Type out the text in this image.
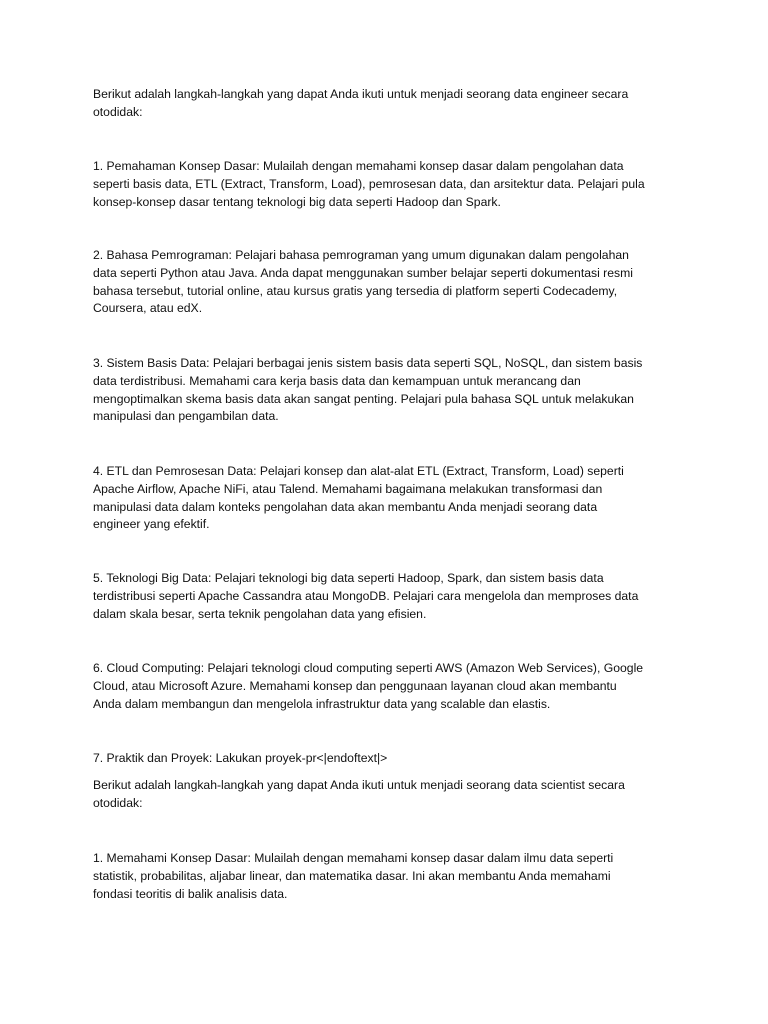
Berikut adalah langkah-langkah yang dapat Anda ikuti untuk menjadi seorang data engineer secara
otodidak:

1. Pemahaman Konsep Dasar: Mulailah dengan memahami konsep dasar dalam pengolahan data
seperti basis data, ETL (Extract, Transform, Load), pemrosesan data, dan arsitektur data. Pelajari pula
konsep-konsep dasar tentang teknologi big data seperti Hadoop dan Spark.

2. Bahasa Pemrograman: Pelajari bahasa pemrograman yang umum digunakan dalam pengolahan
data seperti Python atau Java. Anda dapat menggunakan sumber belajar seperti dokumentasi resmi
bahasa tersebut, tutorial online, atau kursus gratis yang tersedia di platform seperti Codecademy,
Coursera, atau edX.

3. Sistem Basis Data: Pelajari berbagai jenis sistem basis data seperti SQL, NoSQL, dan sistem basis
data terdistribusi. Memahami cara kerja basis data dan kemampuan untuk merancang dan
mengoptimalkan skema basis data akan sangat penting. Pelajari pula bahasa SQL untuk melakukan
manipulasi dan pengambilan data.

4. ETL dan Pemrosesan Data: Pelajari konsep dan alat-alat ETL (Extract, Transform, Load) seperti
Apache Airflow, Apache NiFi, atau Talend. Memahami bagaimana melakukan transformasi dan
manipulasi data dalam konteks pengolahan data akan membantu Anda menjadi seorang data
engineer yang efektif.

5. Teknologi Big Data: Pelajari teknologi big data seperti Hadoop, Spark, dan sistem basis data
terdistribusi seperti Apache Cassandra atau MongoDB. Pelajari cara mengelola dan memproses data
dalam skala besar, serta teknik pengolahan data yang efisien.

6. Cloud Computing: Pelajari teknologi cloud computing seperti AWS (Amazon Web Services), Google
Cloud, atau Microsoft Azure. Memahami konsep dan penggunaan layanan cloud akan membantu
Anda dalam membangun dan mengelola infrastruktur data yang scalable dan elastis.

7. Praktik dan Proyek: Lakukan proyek-pr<|endoftext|>

Berikut adalah langkah-langkah yang dapat Anda ikuti untuk menjadi seorang data scientist secara
otodidak:

1. Memahami Konsep Dasar: Mulailah dengan memahami konsep dasar dalam ilmu data seperti
statistik, probabilitas, aljabar linear, dan matematika dasar. Ini akan membantu Anda memahami
fondasi teoritis di balik analisis data.
